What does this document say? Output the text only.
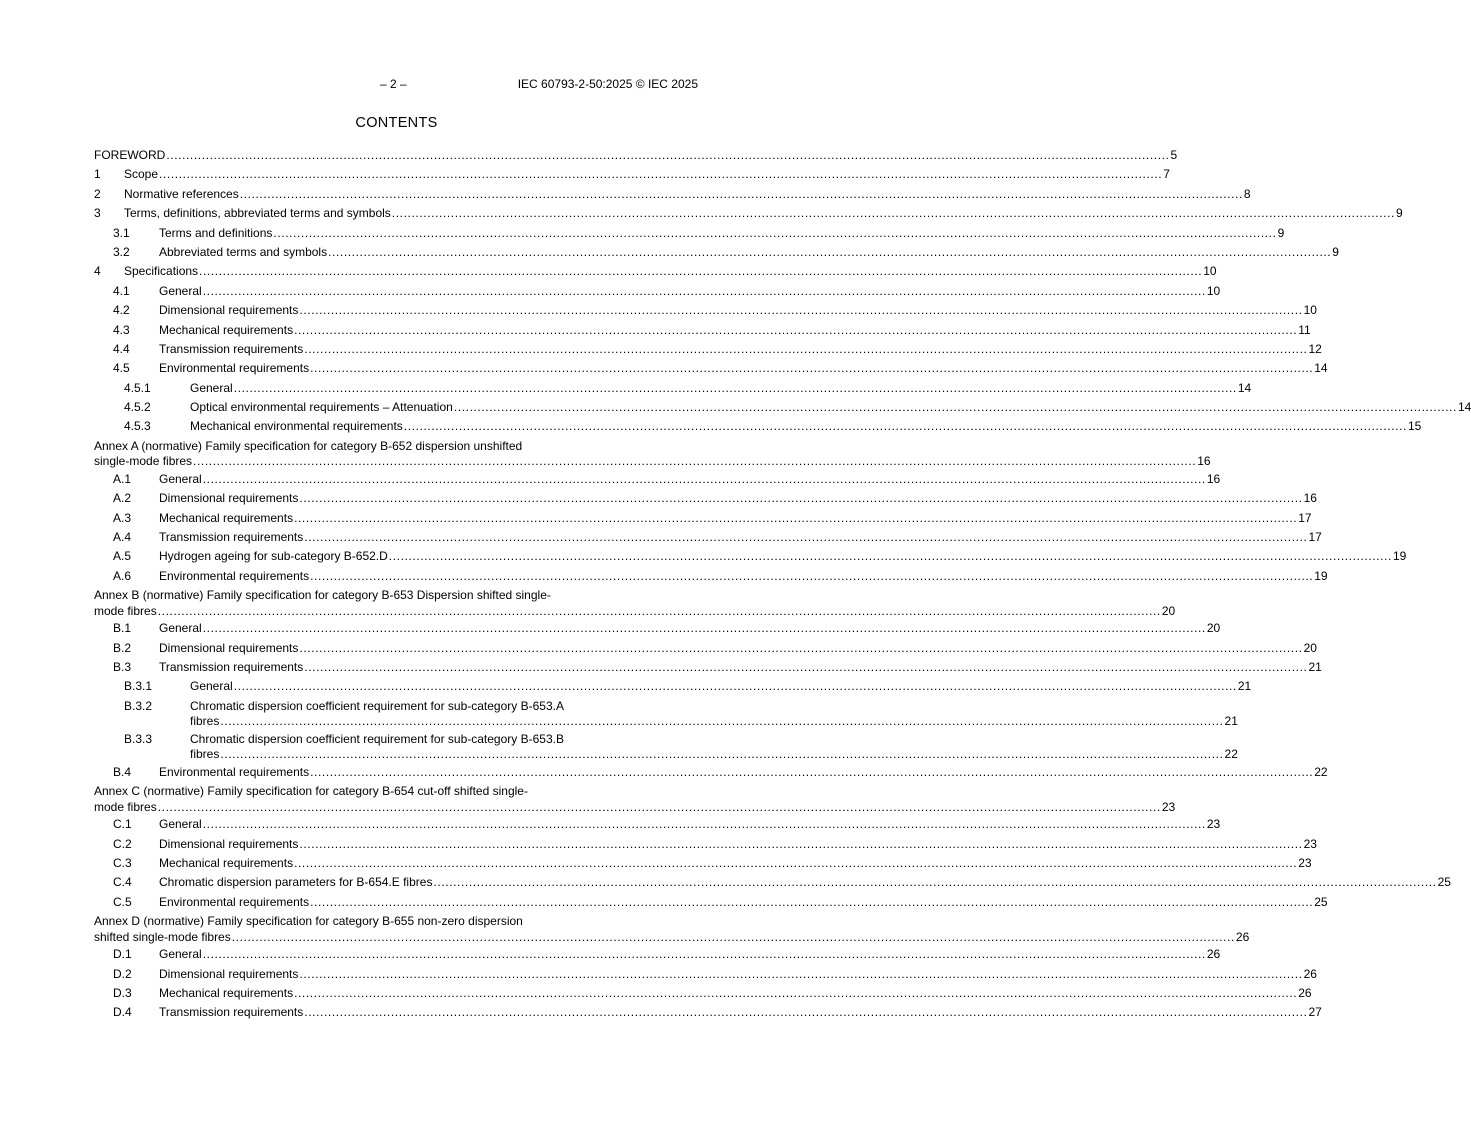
– 2 –	IEC 60793-2-50:2025 © IEC 2025
CONTENTS
FOREWORD .....	5
1	Scope .....	7
2	Normative references .....	8
3	Terms, definitions, abbreviated terms and symbols .....	9
3.1	Terms and definitions .....	9
3.2	Abbreviated terms and symbols .....	9
4	Specifications .....	10
4.1	General .....	10
4.2	Dimensional requirements .....	10
4.3	Mechanical requirements .....	11
4.4	Transmission requirements .....	12
4.5	Environmental requirements .....	14
4.5.1	General .....	14
4.5.2	Optical environmental requirements – Attenuation .....	14
4.5.3	Mechanical environmental requirements .....	15
Annex A (normative) Family specification for category B-652 dispersion unshifted
single-mode fibres .....	16
A.1	General .....	16
A.2	Dimensional requirements .....	16
A.3	Mechanical requirements .....	17
A.4	Transmission requirements .....	17
A.5	Hydrogen ageing for sub-category B-652.D .....	19
A.6	Environmental requirements .....	19
Annex B (normative) Family specification for category B-653 Dispersion shifted single-
mode fibres .....	20
B.1	General .....	20
B.2	Dimensional requirements .....	20
B.3	Transmission requirements .....	21
B.3.1	General .....	21
B.3.2	Chromatic dispersion coefficient requirement for sub-category B-653.A
fibres .....	21
B.3.3	Chromatic dispersion coefficient requirement for sub-category B-653.B
fibres .....	22
B.4	Environmental requirements .....	22
Annex C (normative) Family specification for category B-654 cut-off shifted single-
mode fibres .....	23
C.1	General .....	23
C.2	Dimensional requirements .....	23
C.3	Mechanical requirements .....	23
C.4	Chromatic dispersion parameters for B-654.E fibres .....	25
C.5	Environmental requirements .....	25
Annex D (normative) Family specification for category B-655 non-zero dispersion
shifted single-mode fibres .....	26
D.1	General .....	26
D.2	Dimensional requirements .....	26
D.3	Mechanical requirements .....	26
D.4	Transmission requirements .....	27
